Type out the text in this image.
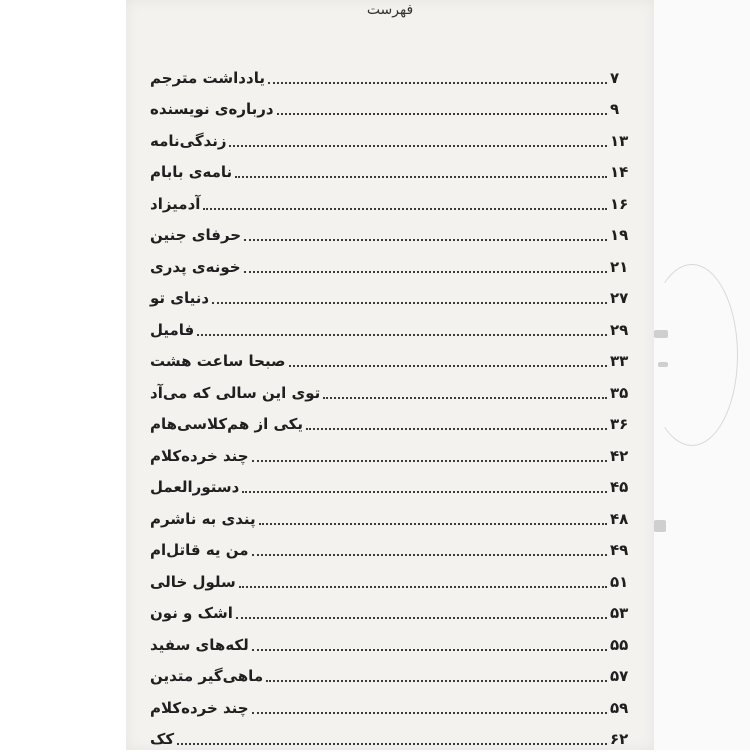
فهرست
یادداشت مترجم	۷
درباره‌ی نویسنده	۹
زندگی‌نامه	۱۳
نامه‌ی بابام	۱۴
آدمیزاد	۱۶
حرفای جنین	۱۹
خونه‌ی پدری	۲۱
دنیای تو	۲۷
فامیل	۲۹
صبحا ساعت هشت	۳۳
توی این سالی که می‌آد	۳۵
یکی از هم‌کلاسی‌هام	۳۶
چند خرده‌کلام	۴۲
دستورالعمل	۴۵
پندی به ناشرم	۴۸
من یه قاتل‌ام	۴۹
سلول خالی	۵۱
اشک و نون	۵۳
لکه‌های سفید	۵۵
ماهی‌گیر متدین	۵۷
چند خرده‌کلام	۵۹
کک	۶۲
